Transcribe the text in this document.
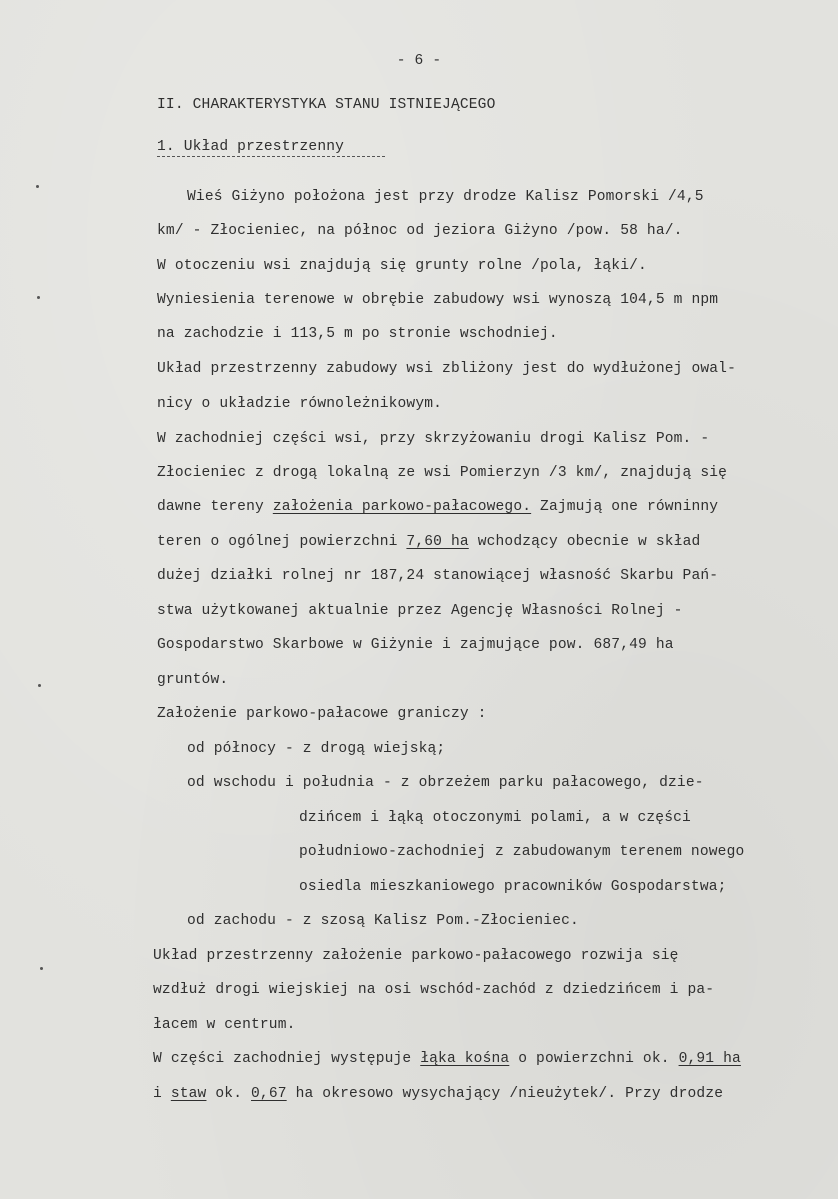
- 6 -
II. CHARAKTERYSTYKA STANU ISTNIEJĄCEGO
1. Układ przestrzenny
Wieś Giżyno położona jest przy drodze Kalisz Pomorski /4,5
km/ - Złocieniec, na północ od jeziora Giżyno /pow. 58 ha/.
W otoczeniu wsi znajdują się grunty rolne /pola, łąki/.
Wyniesienia terenowe w obrębie zabudowy wsi wynoszą 104,5 m npm
na zachodzie i 113,5 m po stronie wschodniej.
Układ przestrzenny zabudowy wsi zbliżony jest do wydłużonej owal-
nicy o układzie równoleżnikowym.
W zachodniej części wsi, przy skrzyżowaniu drogi Kalisz Pom. -
Złocieniec z drogą lokalną ze wsi Pomierzyn /3 km/, znajdują się
dawne tereny założenia parkowo-pałacowego. Zajmują one równinny
teren o ogólnej powierzchni 7,60 ha wchodzący obecnie w skład
dużej działki rolnej nr 187,24 stanowiącej własność Skarbu Pań-
stwa użytkowanej aktualnie przez Agencję Własności Rolnej -
Gospodarstwo Skarbowe w Giżynie i zajmujące pow. 687,49 ha
gruntów.
Założenie parkowo-pałacowe graniczy :
od północy - z drogą wiejską;
od wschodu i południa - z obrzeżem parku pałacowego, dzie-
dzińcem i łąką otoczonymi polami, a w części
południowo-zachodniej z zabudowanym terenem nowego
osiedla mieszkaniowego pracowników Gospodarstwa;
od zachodu - z szosą Kalisz Pom.-Złocieniec.
Układ przestrzenny założenie parkowo-pałacowego rozwija się
wzdłuż drogi wiejskiej na osi wschód-zachód z dziedzińcem i pa-
łacem w centrum.
W części zachodniej występuje łąka kośna o powierzchni ok. 0,91 ha
i staw ok. 0,67 ha okresowo wysychający /nieużytek/. Przy drodze
